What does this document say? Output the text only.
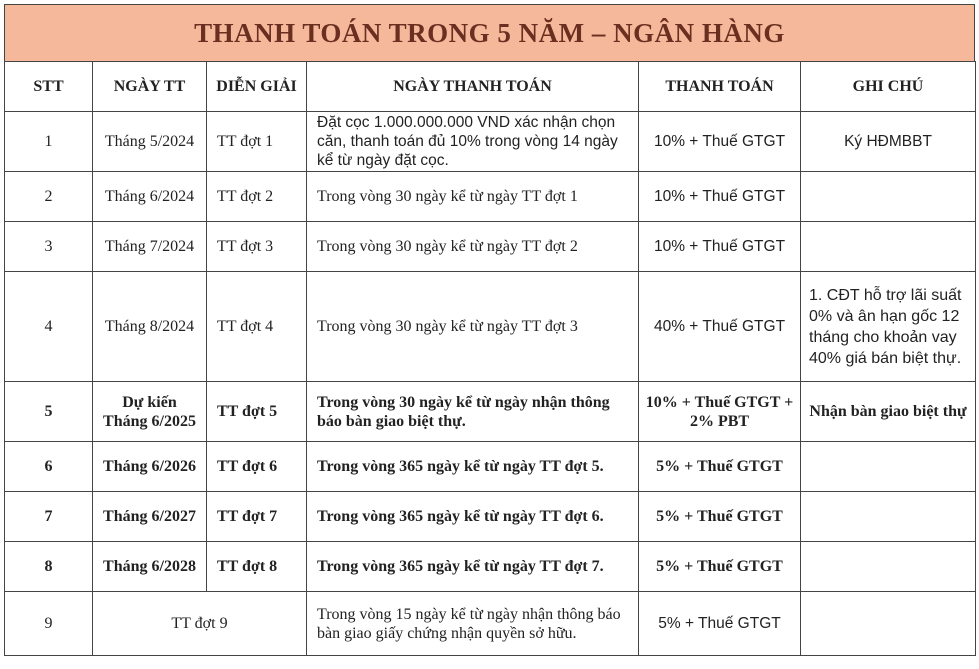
THANH TOÁN TRONG 5 NĂM – NGÂN HÀNG
STT	NGÀY TT	DIỄN GIẢI	NGÀY THANH TOÁN	THANH TOÁN	GHI CHÚ
1	Tháng 5/2024	TT đợt 1	Đặt cọc 1.000.000.000 VND xác nhận chọn căn, thanh toán đủ 10% trong vòng 14 ngày kể từ ngày đặt cọc.	10% + Thuế GTGT	Ký HĐMBBT
2	Tháng 6/2024	TT đợt 2	Trong vòng 30 ngày kể từ ngày TT đợt 1	10% + Thuế GTGT	
3	Tháng 7/2024	TT đợt 3	Trong vòng 30 ngày kể từ ngày TT đợt 2	10% + Thuế GTGT	
4	Tháng 8/2024	TT đợt 4	Trong vòng 30 ngày kể từ ngày TT đợt 3	40% + Thuế GTGT	1. CĐT hỗ trợ lãi suất 0% và ân hạn gốc 12 tháng cho khoản vay 40% giá bán biệt thự.
5	Dự kiến Tháng 6/2025	TT đợt 5	Trong vòng 30 ngày kể từ ngày nhận thông báo bàn giao biệt thự.	10% + Thuế GTGT + 2% PBT	Nhận bàn giao biệt thự
6	Tháng 6/2026	TT đợt 6	Trong vòng 365 ngày kể từ ngày TT đợt 5.	5% + Thuế GTGT	
7	Tháng 6/2027	TT đợt 7	Trong vòng 365 ngày kể từ ngày TT đợt 6.	5% + Thuế GTGT	
8	Tháng 6/2028	TT đợt 8	Trong vòng 365 ngày kể từ ngày TT đợt 7.	5% + Thuế GTGT	
9	TT đợt 9		Trong vòng 15 ngày kể từ ngày nhận thông báo bàn giao giấy chứng nhận quyền sở hữu.	5% + Thuế GTGT	
